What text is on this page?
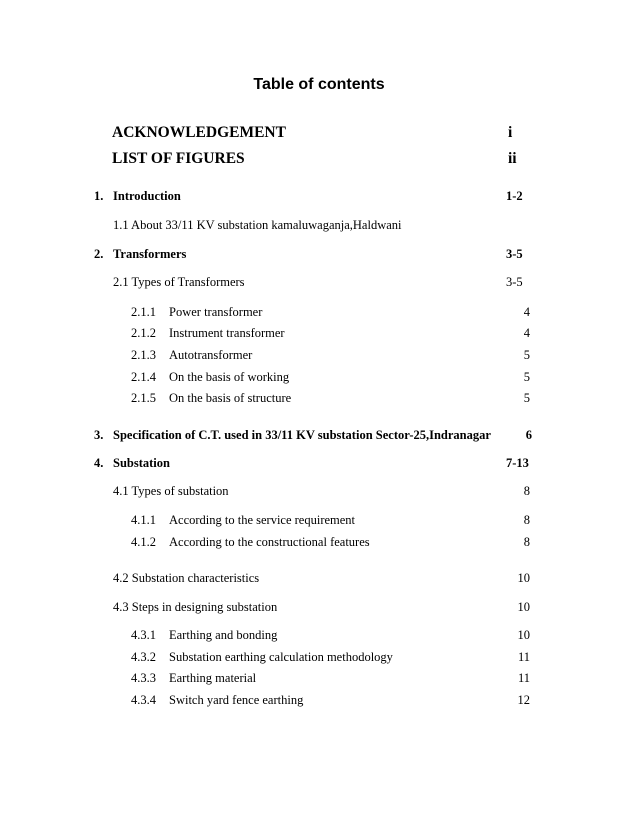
Table of contents
ACKNOWLEDGEMENT	i
LIST OF FIGURES	ii
1. Introduction	1-2
1.1 About 33/11 KV substation kamaluwaganja,Haldwani
2. Transformers	3-5
2.1 Types of Transformers	3-5
2.1.1 Power transformer	4
2.1.2 Instrument transformer	4
2.1.3 Autotransformer	5
2.1.4 On the basis of working	5
2.1.5 On the basis of structure	5
3. Specification of C.T. used in 33/11 KV substation Sector-25,Indranagar	6
4. Substation	7-13
4.1 Types of substation	8
4.1.1 According to the service requirement	8
4.1.2 According to the constructional features	8
4.2 Substation characteristics	10
4.3 Steps in designing substation	10
4.3.1 Earthing and bonding	10
4.3.2 Substation earthing calculation methodology	11
4.3.3 Earthing material	11
4.3.4 Switch yard fence earthing	12
